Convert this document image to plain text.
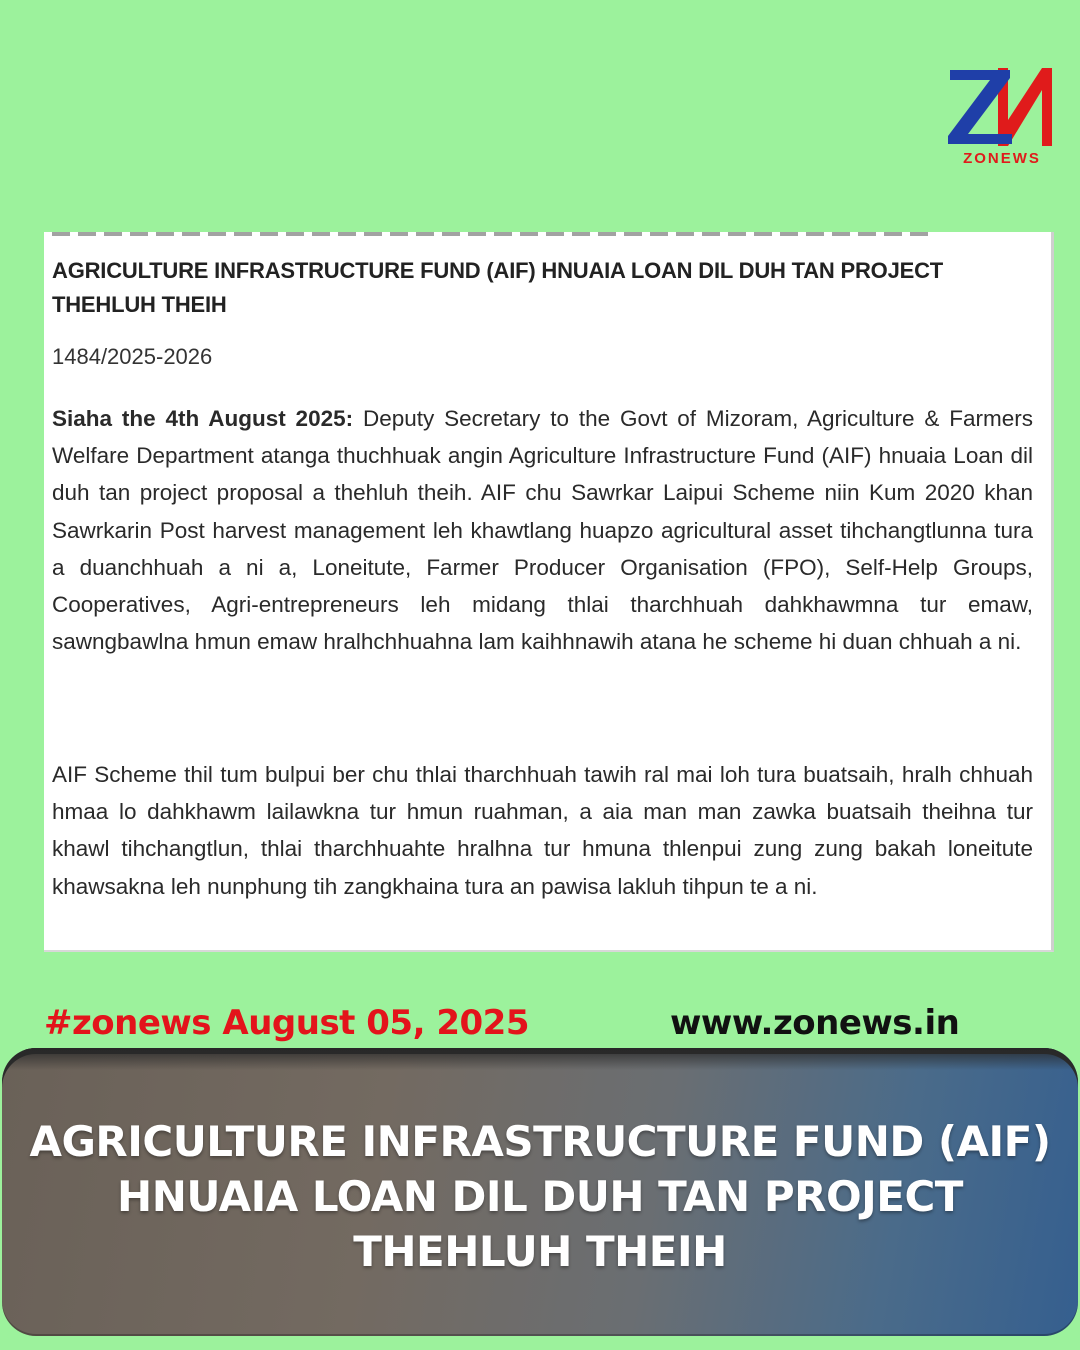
ZONEWS
AGRICULTURE INFRASTRUCTURE FUND (AIF) HNUAIA LOAN DIL DUH TAN PROJECT THEHLUH THEIH
1484/2025-2026

Siaha the 4th August 2025: Deputy Secretary to the Govt of Mizoram, Agriculture & Farmers Welfare Department atanga thuchhuak angin Agriculture Infrastructure Fund (AIF) hnuaia Loan dil duh tan project proposal a thehluh theih. AIF chu Sawrkar Laipui Scheme niin Kum 2020 khan Sawrkarin Post harvest management leh khawtlang huapzo agricultural asset tihchangtlunna tura a duanchhuah a ni a, Loneitute, Farmer Producer Organisation (FPO), Self-Help Groups, Cooperatives, Agri-entrepreneurs leh midang thlai tharchhuah dahkhawmna tur emaw, sawngbawlna hmun emaw hralhchhuahna lam kaihhnawih atana he scheme hi duan chhuah a ni.

AIF Scheme thil tum bulpui ber chu thlai tharchhuah tawih ral mai loh tura buatsaih, hralh chhuah hmaa lo dahkhawm lailawkna tur hmun ruahman, a aia man man zawka buatsaih theihna tur khawl tihchangtlun, thlai tharchhuahte hralhna tur hmuna thlenpui zung zung bakah loneitute khawsakna leh nunphung tih zangkhaina tura an pawisa lakluh tihpun te a ni.

#zonews August 05, 2025	www.zonews.in
AGRICULTURE INFRASTRUCTURE FUND (AIF) HNUAIA LOAN DIL DUH TAN PROJECT THEHLUH THEIH
